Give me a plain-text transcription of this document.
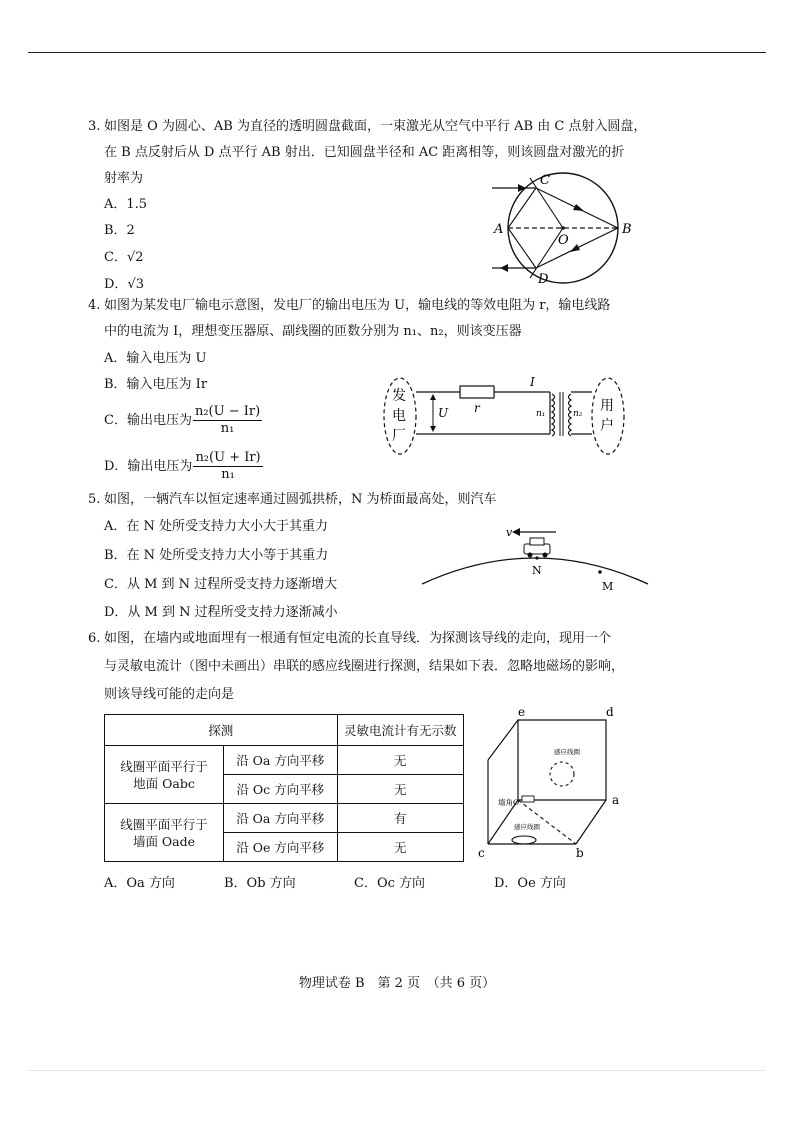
3. 如图是 O 为圆心、AB 为直径的透明圆盘截面，一束激光从空气中平行 AB 由 C 点射入圆盘，
在 B 点反射后从 D 点平行 AB 射出．已知圆盘半径和 AC 距离相等，则该圆盘对激光的折
射率为
A．1.5
B．2
C．√2
D．√3
C
A
O
B
D
4. 如图为某发电厂输电示意图，发电厂的输出电压为 U，输电线的等效电阻为 r，输电线路
中的电流为 I，理想变压器原、副线圈的匝数分别为 n₁、n₂，则该变压器
A．输入电压为 U
B．输入电压为 Ir
C．输出电压为 $\frac{\text{n₂(U − Ir)}}{\text{n₁}}$
D．输出电压为 $\frac{\text{n₂(U + Ir)}}{\text{n₁}}$
发
电
厂
U r
I
n₁	n₂ 用
户
5. 如图，一辆汽车以恒定速率通过圆弧拱桥，N 为桥面最高处，则汽车
A．在 N 处所受支持力大小大于其重力
B．在 N 处所受支持力大小等于其重力
C．从 M 到 N 过程所受支持力逐渐增大
D．从 M 到 N 过程所受支持力逐渐减小
v
N
M
6. 如图，在墙内或地面埋有一根通有恒定电流的长直导线．为探测该导线的走向，现用一个
与灵敏电流计（图中未画出）串联的感应线圈进行探测，结果如下表．忽略地磁场的影响，
则该导线可能的走向是
探测		灵敏电流计有无示数
线圈平面平行于
地面 Oabc	沿 Oa 方向平移	无
	沿 Oc 方向平移	无
线圈平面平行于
墙面 Oade	沿 Oa 方向平移	有
	沿 Oe 方向平移	无
e	d
a
b
c
墙角O
感应线圈
感应线圈
A．Oa 方向	B．Ob 方向	C．Oc 方向	D．Oe 方向
物理试卷 B　第 2 页　（共 6 页）
